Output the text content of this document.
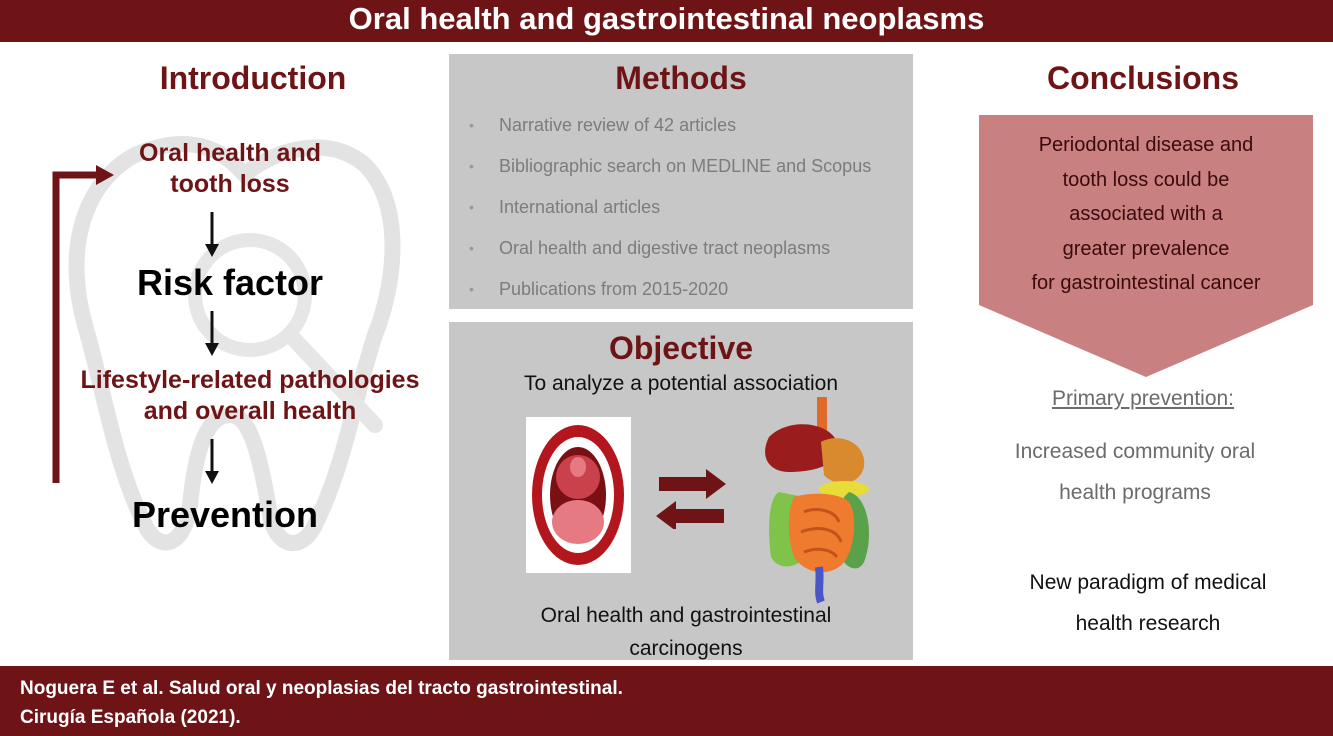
Oral health and gastrointestinal neoplasms
Introduction
Oral health and
tooth loss
Risk factor
Lifestyle-related pathologies
and overall health
Prevention
Methods
• Narrative review of 42 articles
• Bibliographic search on MEDLINE and Scopus
• International articles
• Oral health and digestive tract neoplasms
• Publications from 2015-2020
Objective
To analyze a potential association
Oral health and gastrointestinal
carcinogens
Conclusions
Periodontal disease and
tooth loss could be
associated with a
greater prevalence
for gastrointestinal cancer
Primary prevention:
Increased community oral
health programs
New paradigm of medical
health research
Noguera E et al. Salud oral y neoplasias del tracto gastrointestinal.
Cirugía Española (2021).
